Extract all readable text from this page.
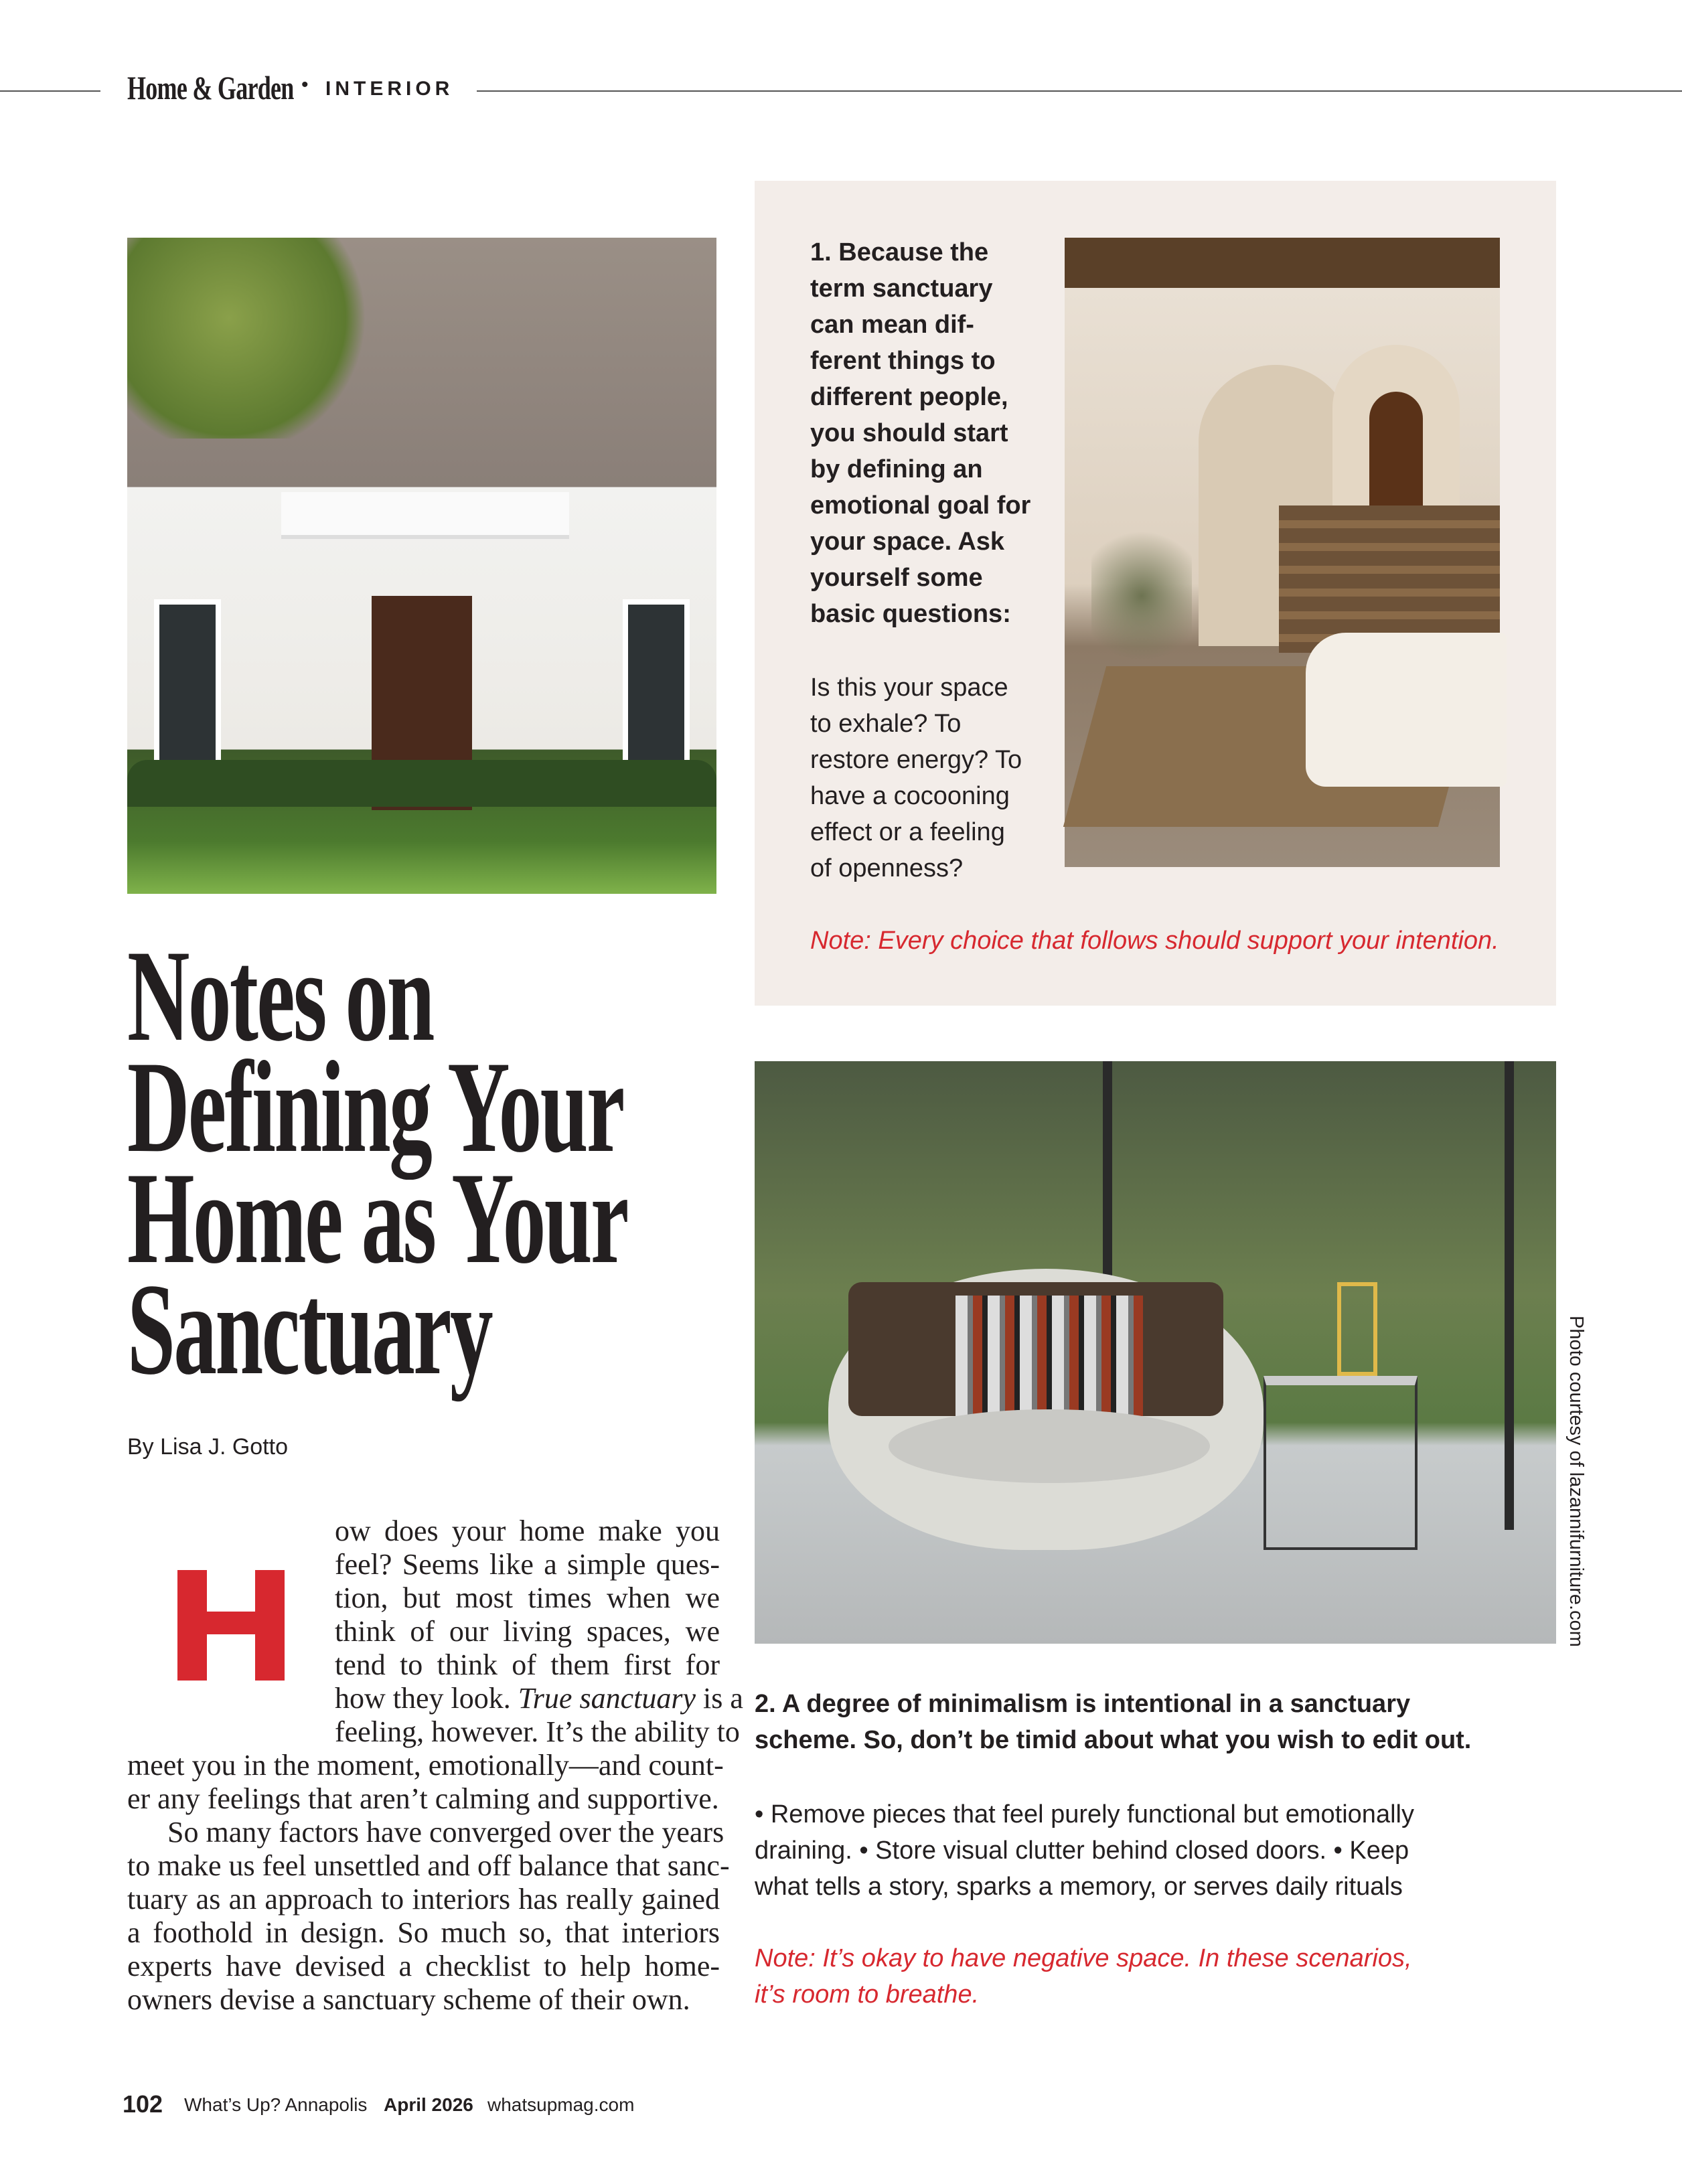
Home & Garden • INTERIOR
1. Because the
term sanctuary
can mean dif-
ferent things to
different people,
you should start
by defining an
emotional goal for
your space. Ask
yourself some
basic questions:
Is this your space
to exhale? To
restore energy? To
have a cocooning
effect or a feeling
of openness?
Note: Every choice that follows should support your intention.
Notes on
Defining Your
Home as Your
Sanctuary
By Lisa J. Gotto
ow does your home make you
feel? Seems like a simple ques-
tion, but most times when we
think of our living spaces, we
tend to think of them first for
how they look. True sanctuary is a
feeling, however. It’s the ability to
meet you in the moment, emotionally—and count-
er any feelings that aren’t calming and supportive.
So many factors have converged over the years
to make us feel unsettled and off balance that sanc-
tuary as an approach to interiors has really gained
a foothold in design. So much so, that interiors
experts have devised a checklist to help home-
owners devise a sanctuary scheme of their own.
Photo courtesy of lazannifurniture.com
2. A degree of minimalism is intentional in a sanctuary
scheme. So, don’t be timid about what you wish to edit out.
• Remove pieces that feel purely functional but emotionally
draining. • Store visual clutter behind closed doors. • Keep
what tells a story, sparks a memory, or serves daily rituals
Note: It’s okay to have negative space. In these scenarios,
it’s room to breathe.
102 What’s Up? Annapolis April 2026 whatsupmag.com
